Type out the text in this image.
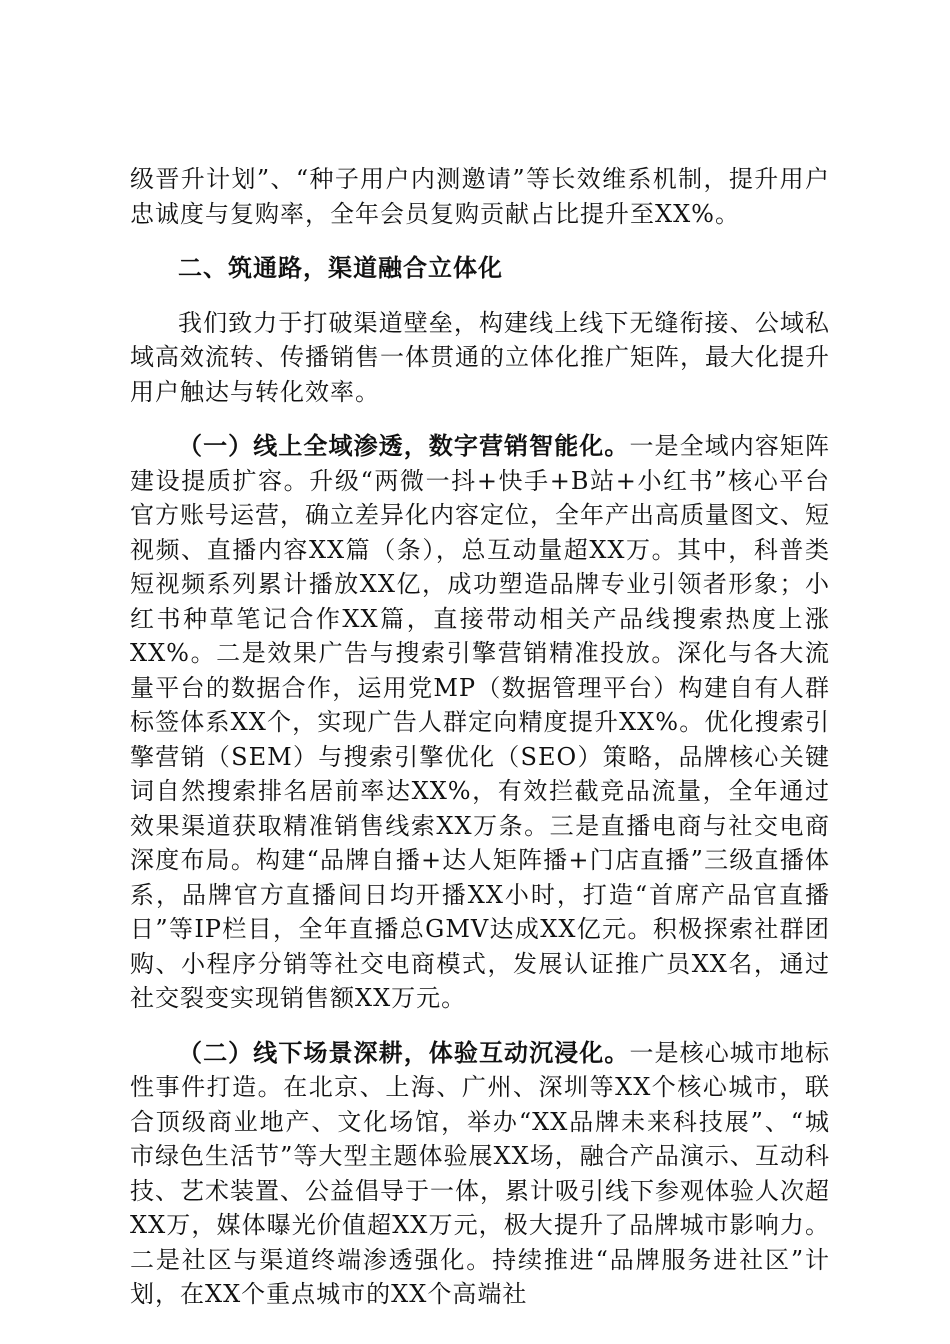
级晋升计划”、“种子用户内测邀请”等长效维系机制，提升用户忠诚度与复购率，全年会员复购贡献占比提升至XX%。

二、筑通路，渠道融合立体化

我们致力于打破渠道壁垒，构建线上线下无缝衔接、公域私域高效流转、传播销售一体贯通的立体化推广矩阵，最大化提升用户触达与转化效率。

（一）线上全域渗透，数字营销智能化。一是全域内容矩阵建设提质扩容。升级“两微一抖+快手+B站+小红书”核心平台官方账号运营，确立差异化内容定位，全年产出高质量图文、短视频、直播内容XX篇（条），总互动量超XX万。其中，科普类短视频系列累计播放XX亿，成功塑造品牌专业引领者形象；小红书种草笔记合作XX篇，直接带动相关产品线搜索热度上涨XX%。二是效果广告与搜索引擎营销精准投放。深化与各大流量平台的数据合作，运用党MP（数据管理平台）构建自有人群标签体系XX个，实现广告人群定向精度提升XX%。优化搜索引擎营销（SEM）与搜索引擎优化（SEO）策略，品牌核心关键词自然搜索排名居前率达XX%，有效拦截竞品流量，全年通过效果渠道获取精准销售线索XX万条。三是直播电商与社交电商深度布局。构建“品牌自播+达人矩阵播+门店直播”三级直播体系，品牌官方直播间日均开播XX小时，打造“首席产品官直播日”等IP栏目，全年直播总GMV达成XX亿元。积极探索社群团购、小程序分销等社交电商模式，发展认证推广员XX名，通过社交裂变实现销售额XX万元。

（二）线下场景深耕，体验互动沉浸化。一是核心城市地标性事件打造。在北京、上海、广州、深圳等XX个核心城市，联合顶级商业地产、文化场馆，举办“XX品牌未来科技展”、“城市绿色生活节”等大型主题体验展XX场，融合产品演示、互动科技、艺术装置、公益倡导于一体，累计吸引线下参观体验人次超XX万，媒体曝光价值超XX万元，极大提升了品牌城市影响力。二是社区与渠道终端渗透强化。持续推进“品牌服务进社区”计划，在XX个重点城市的XX个高端社
